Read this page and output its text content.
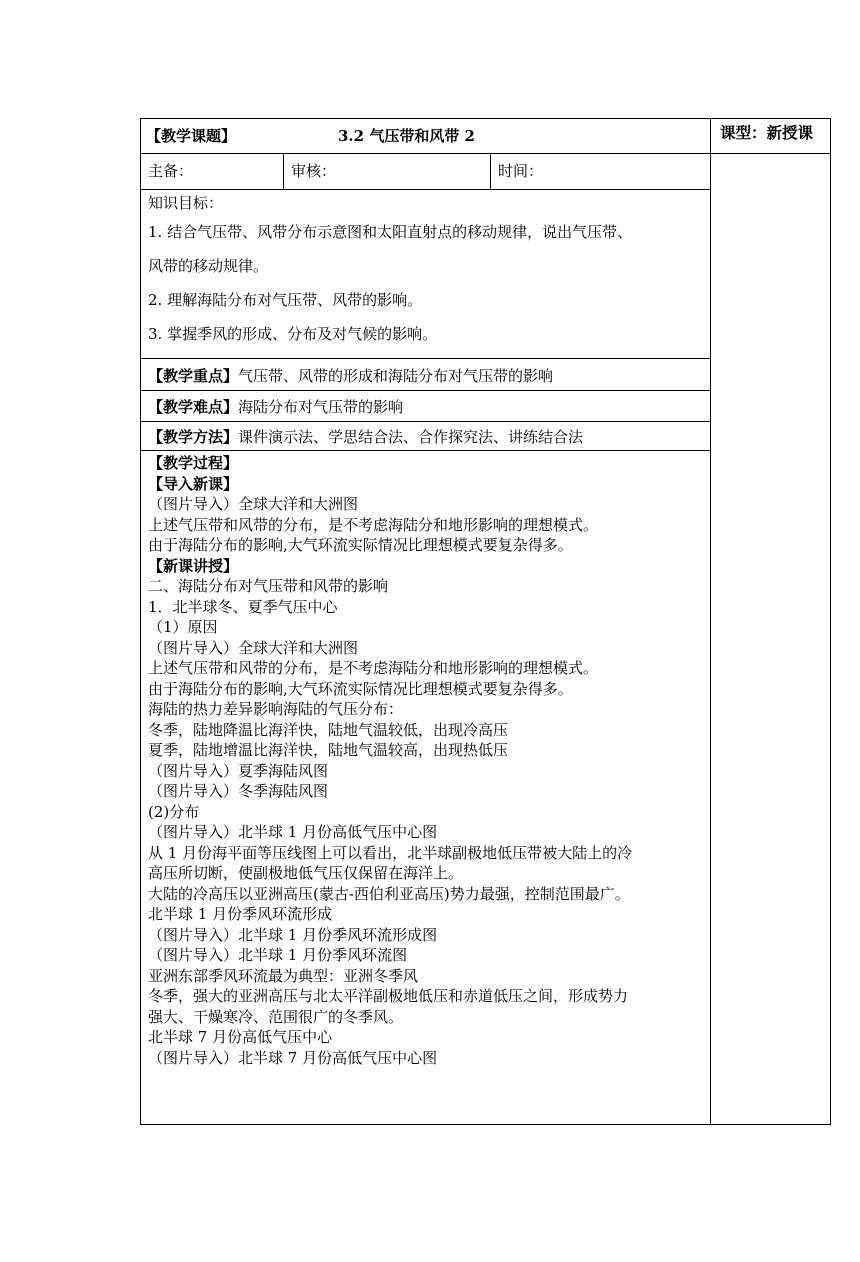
【教学课题】	3.2 气压带和风带 2	课型：新授课
主备：	审核：	时间：
知识目标：
1. 结合气压带、风带分布示意图和太阳直射点的移动规律，说出气压带、
风带的移动规律。
2. 理解海陆分布对气压带、风带的影响。
3. 掌握季风的形成、分布及对气候的影响。
【教学重点】气压带、风带的形成和海陆分布对气压带的影响
【教学难点】海陆分布对气压带的影响
【教学方法】课件演示法、学思结合法、合作探究法、讲练结合法
【教学过程】
【导入新课】
（图片导入）全球大洋和大洲图
上述气压带和风带的分布，是不考虑海陆分和地形影响的理想模式。
由于海陆分布的影响,大气环流实际情况比理想模式要复杂得多。
【新课讲授】
二、海陆分布对气压带和风带的影响
1．北半球冬、夏季气压中心
（1）原因
（图片导入）全球大洋和大洲图
上述气压带和风带的分布，是不考虑海陆分和地形影响的理想模式。
由于海陆分布的影响,大气环流实际情况比理想模式要复杂得多。
海陆的热力差异影响海陆的气压分布：
冬季，陆地降温比海洋快，陆地气温较低，出现冷高压
夏季，陆地增温比海洋快，陆地气温较高，出现热低压
（图片导入）夏季海陆风图
（图片导入）冬季海陆风图
(2)分布
（图片导入）北半球 1 月份高低气压中心图
从 1 月份海平面等压线图上可以看出，北半球副极地低压带被大陆上的冷
高压所切断，使副极地低气压仅保留在海洋上。
大陆的冷高压以亚洲高压(蒙古-西伯利亚高压)势力最强，控制范围最广。
北半球 1 月份季风环流形成
（图片导入）北半球 1 月份季风环流形成图
（图片导入）北半球 1 月份季风环流图
亚洲东部季风环流最为典型：亚洲冬季风
冬季，强大的亚洲高压与北太平洋副极地低压和赤道低压之间，形成势力
强大、干燥寒冷、范围很广的冬季风。
北半球 7 月份高低气压中心
（图片导入）北半球 7 月份高低气压中心图
